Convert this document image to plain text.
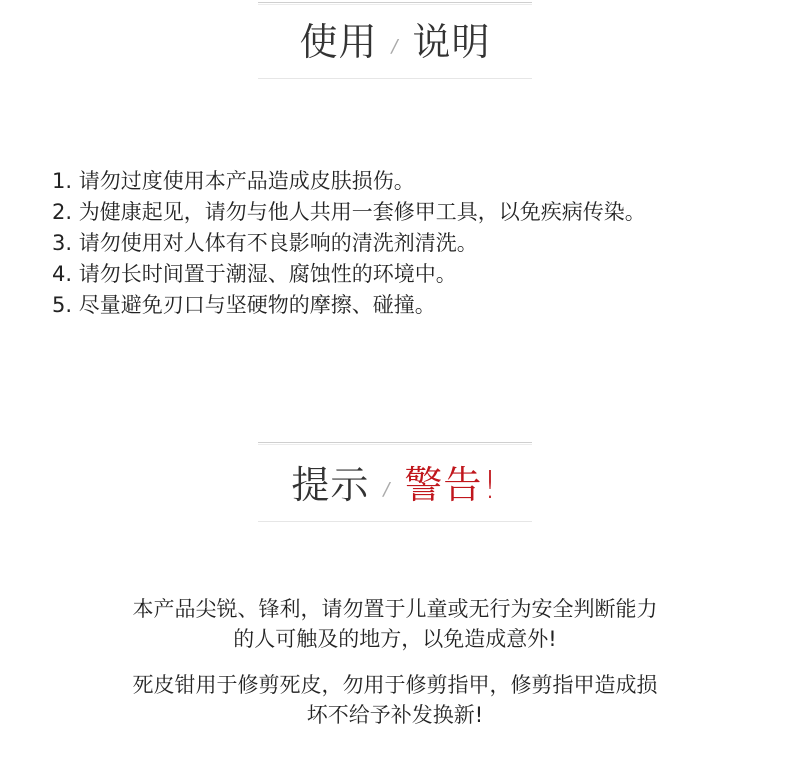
使用 / 说明
1. 请勿过度使用本产品造成皮肤损伤。
2. 为健康起见，请勿与他人共用一套修甲工具，以免疾病传染。
3. 请勿使用对人体有不良影响的清洗剂清洗。
4. 请勿长时间置于潮湿、腐蚀性的环境中。
5. 尽量避免刃口与坚硬物的摩擦、碰撞。
提示 / 警告!

本产品尖锐、锋利，请勿置于儿童或无行为安全判断能力
的人可触及的地方，以免造成意外!

死皮钳用于修剪死皮，勿用于修剪指甲，修剪指甲造成损
坏不给予补发换新!
